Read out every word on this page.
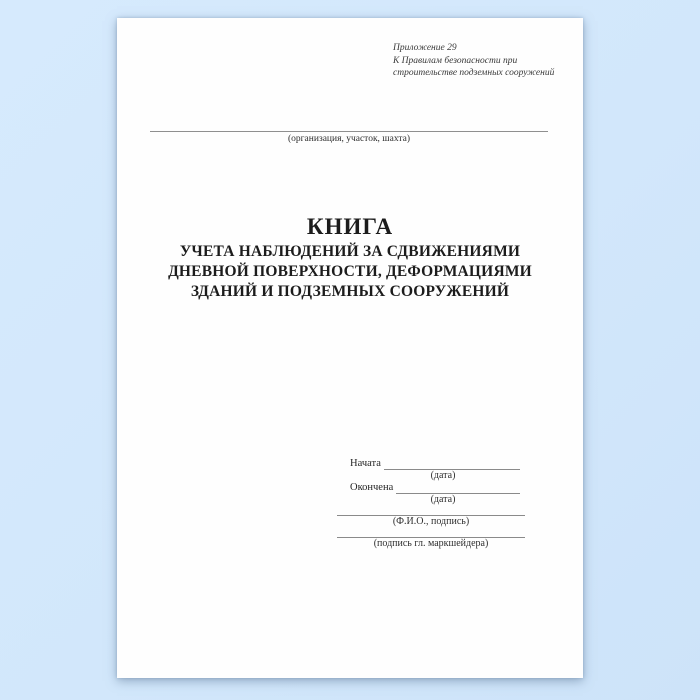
Приложение 29
К Правилам безопасности при
строительстве подземных сооружений
(организация, участок, шахта)
КНИГА
УЧЕТА НАБЛЮДЕНИЙ ЗА СДВИЖЕНИЯМИ
ДНЕВНОЙ ПОВЕРХНОСТИ, ДЕФОРМАЦИЯМИ
ЗДАНИЙ И ПОДЗЕМНЫХ СООРУЖЕНИЙ
Начата
(дата)
Окончена
(дата)
(Ф.И.О., подпись)
(подпись гл. маркшейдера)
